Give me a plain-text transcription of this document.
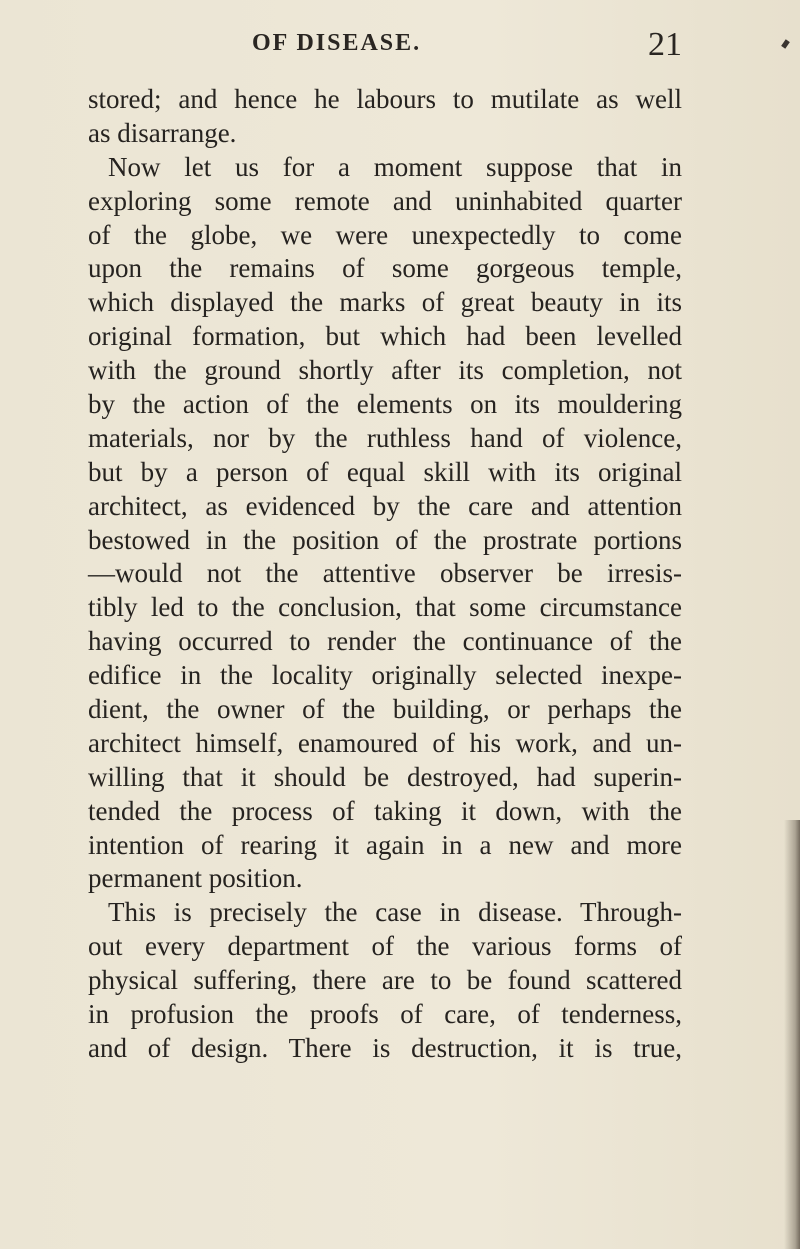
OF DISEASE.	21
stored; and hence he labours to mutilate as well
as disarrange.
Now let us for a moment suppose that in
exploring some remote and uninhabited quarter
of the globe, we were unexpectedly to come
upon the remains of some gorgeous temple,
which displayed the marks of great beauty in its
original formation, but which had been levelled
with the ground shortly after its completion, not
by the action of the elements on its mouldering
materials, nor by the ruthless hand of violence,
but by a person of equal skill with its original
architect, as evidenced by the care and attention
bestowed in the position of the prostrate portions
—would not the attentive observer be irresis-
tibly led to the conclusion, that some circumstance
having occurred to render the continuance of the
edifice in the locality originally selected inexpe-
dient, the owner of the building, or perhaps the
architect himself, enamoured of his work, and un-
willing that it should be destroyed, had superin-
tended the process of taking it down, with the
intention of rearing it again in a new and more
permanent position.
This is precisely the case in disease. Through-
out every department of the various forms of
physical suffering, there are to be found scattered
in profusion the proofs of care, of tenderness,
and of design. There is destruction, it is true,
